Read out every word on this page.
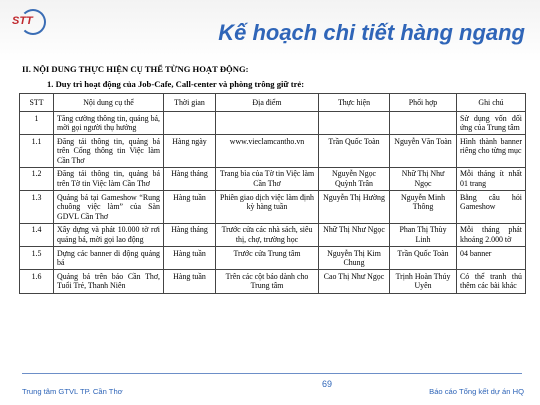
STT	Kế hoạch chi tiết hàng ngang
II. NỘI DUNG THỰC HIỆN CỤ THỂ TỪNG HOẠT ĐỘNG:
1. Duy trì hoạt động của Job-Cafe, Call-center và phòng trông giữ trẻ:
STT	Nội dung cụ thể	Thời gian	Địa điểm	Thực hiện	Phối hợp	Ghi chú
1	Tăng cường thông tin, quảng bá, mời gọi người thụ hưởng					Sử dụng vốn đối ứng của Trung tâm
1.1	Đăng tải thông tin, quảng bá trên Cổng thông tin Việc làm Cần Thơ	Hàng ngày	www.vieclamcantho.vn	Trần Quốc Toàn	Nguyễn Văn Toàn	Hình thành banner riêng cho từng mục
1.2	Đăng tải thông tin, quảng bá trên Tờ tin Việc làm Cần Thơ	Hàng tháng	Trang bìa của Tờ tin Việc làm Cần Thơ	Nguyễn Ngọc Quỳnh Trân	Nhữ Thị Như Ngọc	Mỗi tháng ít nhất 01 trang
1.3	Quảng bá tại Gameshow “Rung chuông việc làm” của Sàn GDVL Cần Thơ	Hàng tuần	Phiên giao dịch việc làm định kỳ hàng tuần	Nguyễn Thị Hường	Nguyễn Minh Thông	Bằng câu hỏi Gameshow
1.4	Xây dựng và phát 10.000 tờ rơi quảng bá, mời gọi lao động	Hàng tháng	Trước cửa các nhà sách, siêu thị, chợ, trường học	Nhữ Thị Như Ngọc	Phan Thị Thùy Linh	Mỗi tháng phát khoảng 2.000 tờ
1.5	Dựng các banner di động quảng bá	Hàng tuần	Trước cửa Trung tâm	Nguyễn Thị Kim Chung	Trần Quốc Toàn	04 banner
1.6	Quảng bá trên báo Cần Thơ, Tuổi Trẻ, Thanh Niên	Hàng tuần	Trên các cột báo dành cho Trung tâm	Cao Thị Như Ngọc	Trịnh Hoàn Thúy Uyên	Có thể tranh thủ thêm các bài khác
Trung tâm GTVL TP. Cần Thơ
69
Báo cáo Tổng kết dự án HQ
